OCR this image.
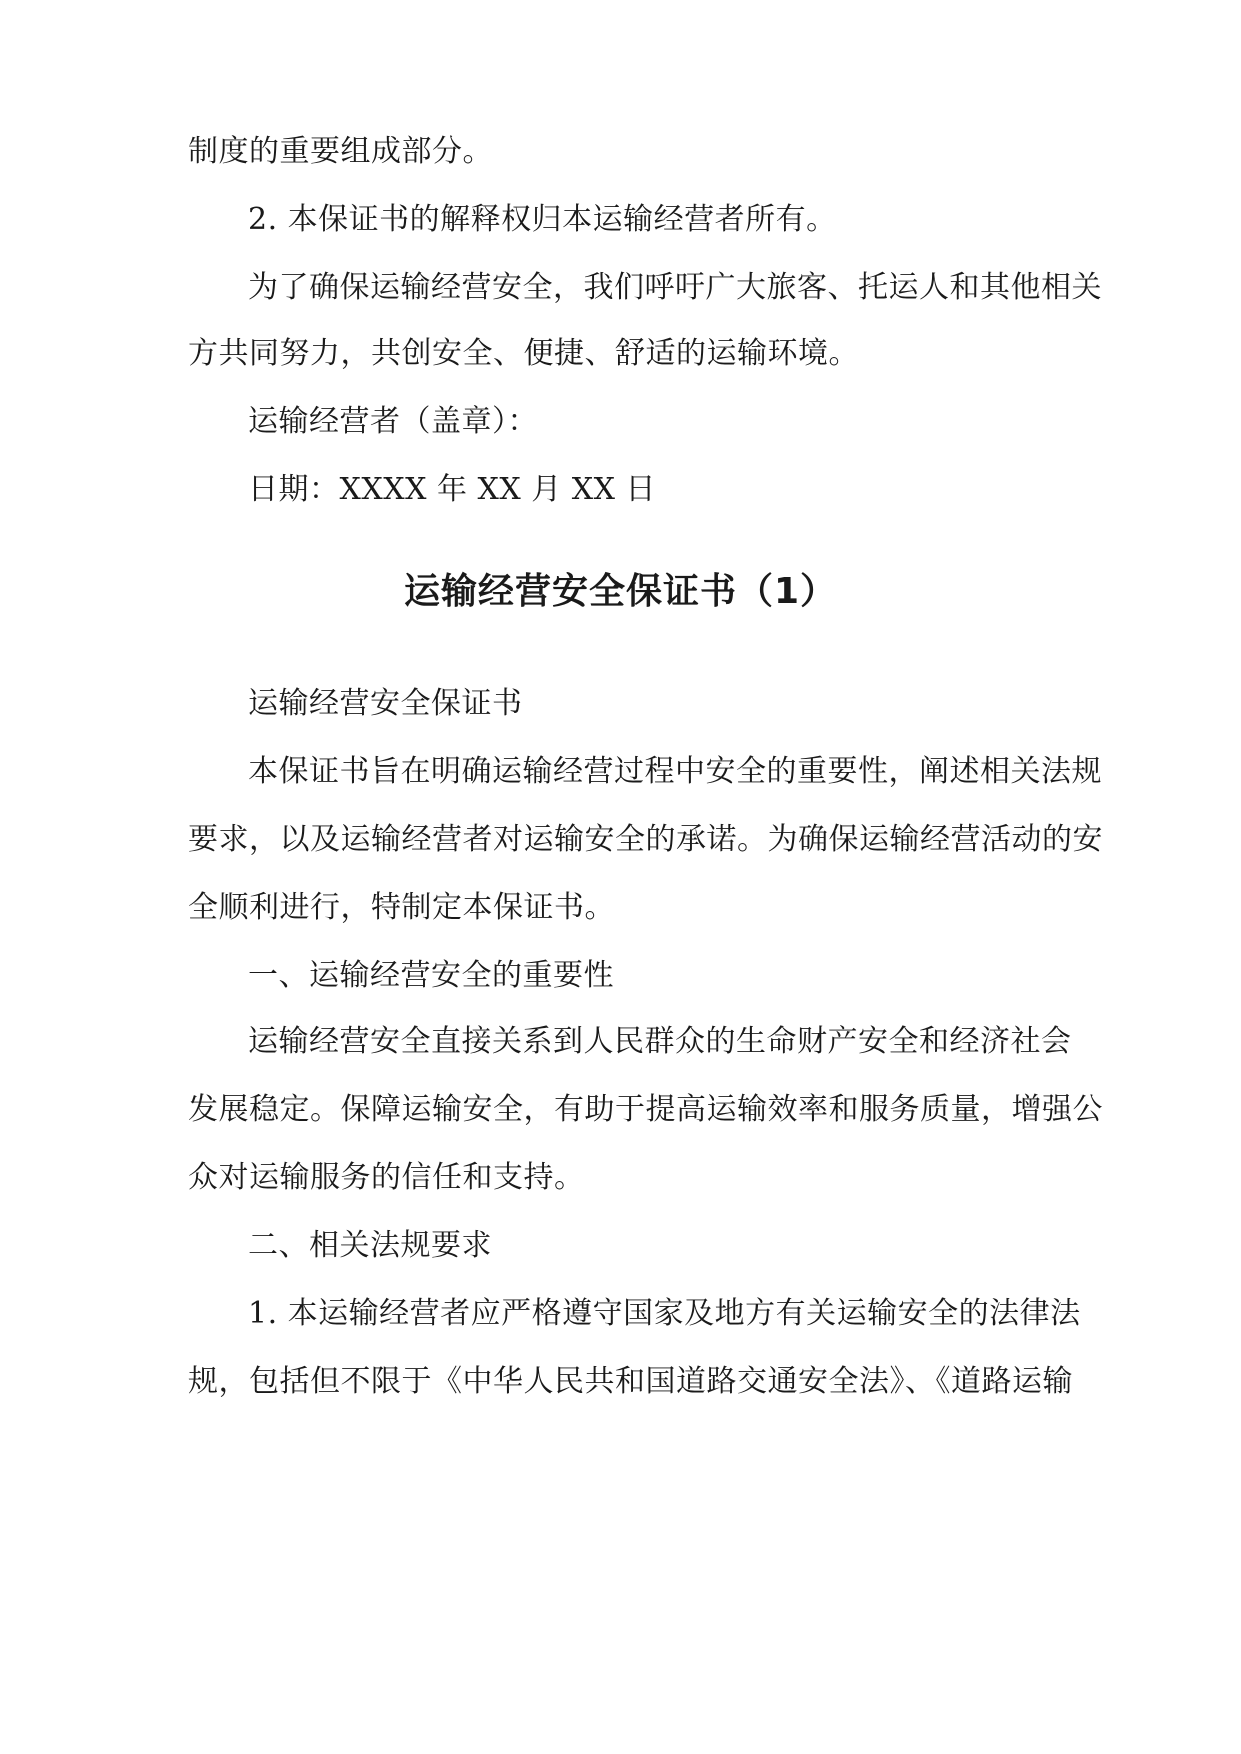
制度的重要组成部分。
2. 本保证书的解释权归本运输经营者所有。
为了确保运输经营安全，我们呼吁广大旅客、托运人和其他相关
方共同努力，共创安全、便捷、舒适的运输环境。
运输经营者（盖章）：
日期：XXXX 年 XX 月 XX 日
运输经营安全保证书（1）
运输经营安全保证书
本保证书旨在明确运输经营过程中安全的重要性，阐述相关法规
要求，以及运输经营者对运输安全的承诺。为确保运输经营活动的安
全顺利进行，特制定本保证书。
一、运输经营安全的重要性
运输经营安全直接关系到人民群众的生命财产安全和经济社会
发展稳定。保障运输安全，有助于提高运输效率和服务质量，增强公
众对运输服务的信任和支持。
二、相关法规要求
1. 本运输经营者应严格遵守国家及地方有关运输安全的法律法
规，包括但不限于《中华人民共和国道路交通安全法》、《道路运输
